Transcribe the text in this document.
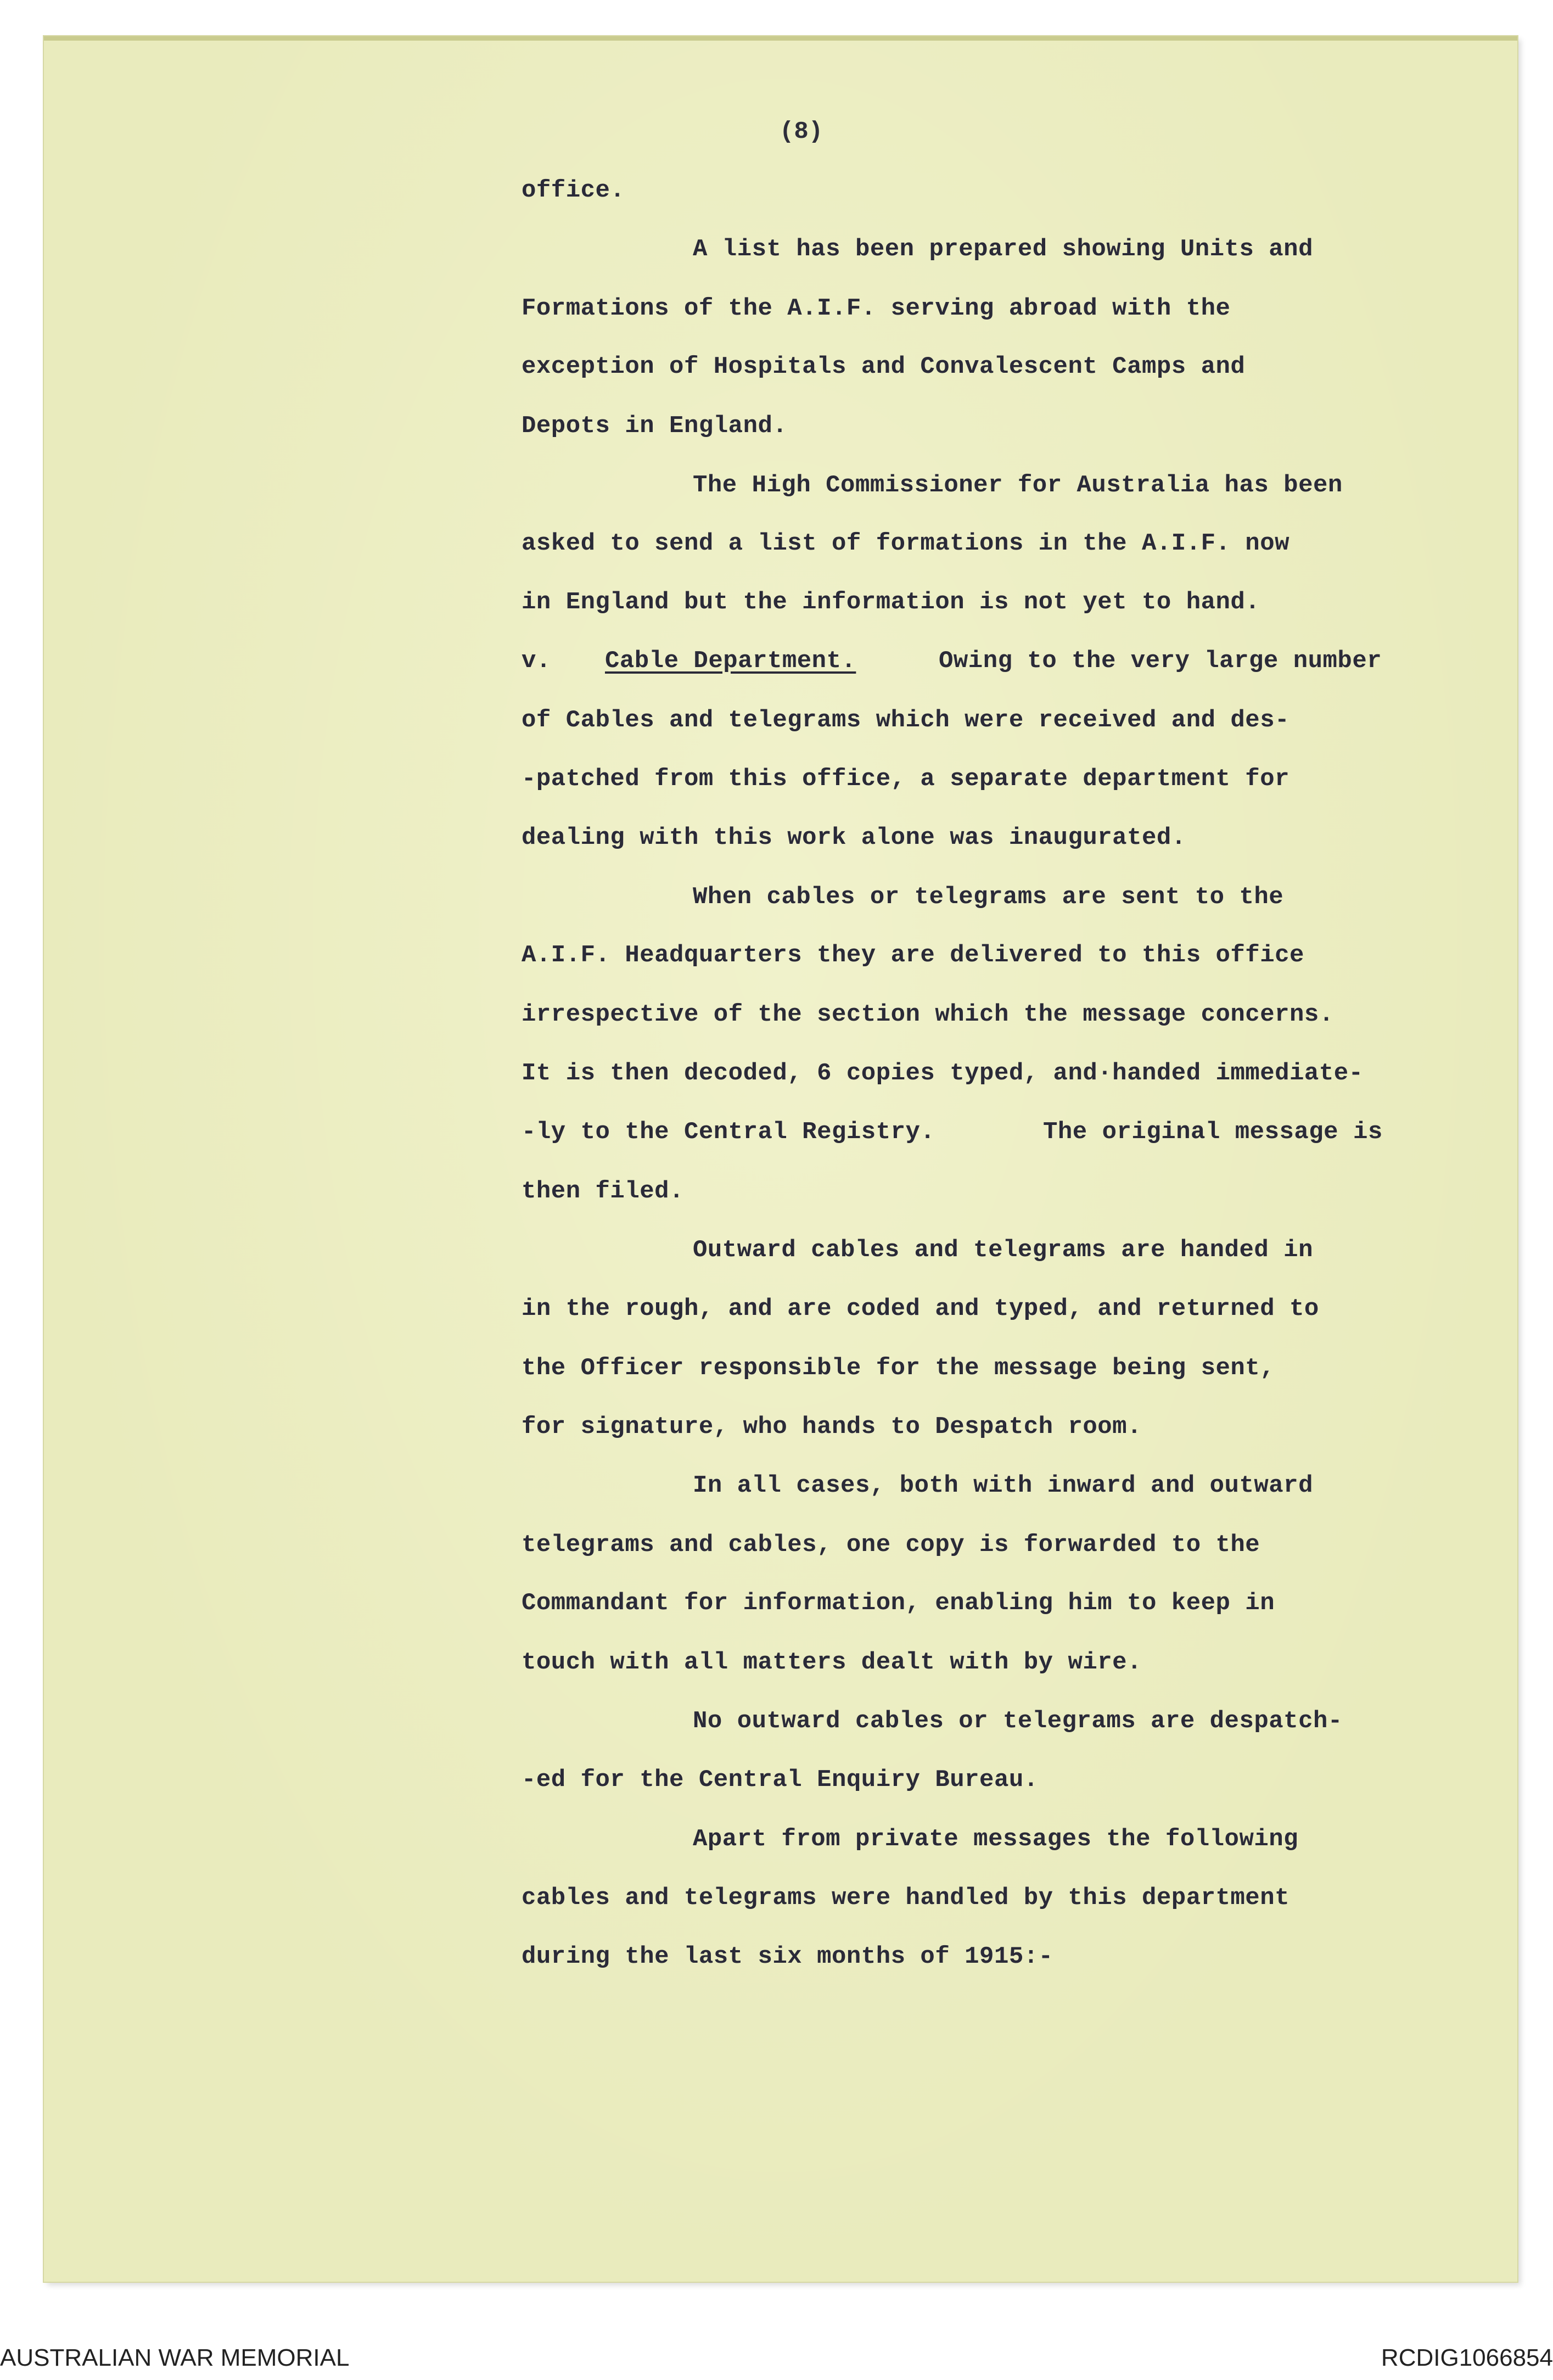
(8)
office.
A list has been prepared showing Units and
Formations of the A.I.F. serving abroad with the
exception of Hospitals and Convalescent Camps and
Depots in England.
The High Commissioner for Australia has been
asked to send a list of formations in the A.I.F. now
in England but the information is not yet to hand.
v. Cable Department.	Owing to the very large number
of Cables and telegrams which were received and des-
-patched from this office, a separate department for
dealing with this work alone was inaugurated.
When cables or telegrams are sent to the
A.I.F. Headquarters they are delivered to this office
irrespective of the section which the message concerns.
It is then decoded, 6 copies typed, and·handed immediate-
-ly to the Central Registry.	The original message is
then filed.
Outward cables and telegrams are handed in
in the rough, and are coded and typed, and returned to
the Officer responsible for the message being sent,
for signature, who hands to Despatch room.
In all cases, both with inward and outward
telegrams and cables, one copy is forwarded to the
Commandant for information, enabling him to keep in
touch with all matters dealt with by wire.
No outward cables or telegrams are despatch-
-ed for the Central Enquiry Bureau.
Apart from private messages the following
cables and telegrams were handled by this department
during the last six months of 1915:-
AUSTRALIAN WAR MEMORIAL	RCDIG1066854
